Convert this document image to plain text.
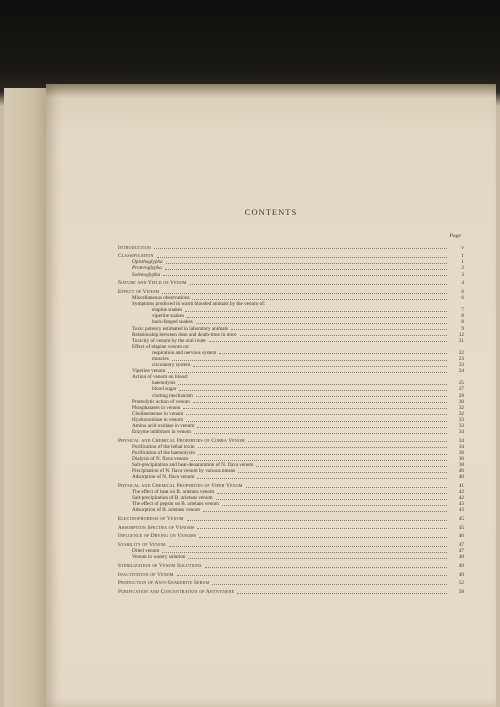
CONTENTS
Page
Introduction	v
Classification	1
Opisthoglypha	1
Proteroglypha	2
Solenoglypha	3
Nature and Yield of Venom	4
Effect of Venom	6
Miscellaneous observations	6
Symptoms produced in warm blooded animals by the venom of:
elapine snakes	7
viperine snakes	8
back-fanged snakes	8
Toxic potency estimated in laboratory animals	9
Relationship between dose and death-time in mice	12
Toxicity of venom by the oral route	21
Effect of elapine venom on:
respiration and nervous system	22
muscles	23
circulatory system	23
Viperine venom	24
Action of venom on blood:
haemolysis	25
blood sugar	27
clotting mechanism	28
Proteolytic action of venom	30
Phosphatases in venom	32
Cholinesterase in venom	32
Hyaluronidase in venom	33
Amino acid oxidase in venom	33
Enzyme inhibitors in venom	34
Physical and Chemical Properties of Cobra Venom	34
Purification of the lethal toxin	34
Purification of the haemolysin	36
Dialysis of N. flava venom	36
Salt-precipitation and heat-denaturation of N. flava venom	38
Precipitation of N. flava venom by various means	40
Adsorption of N. flava venom	40
Physical and Chemical Properties of Viper Venom	41
The effect of heat on B. arietans venom	42
Salt-precipitation of B. arietans venom	42
The effect of pepsin on B. arietans venom	43
Adsorption of B. arietans venom	43
Electrophoresis of Venom	45
Absorption Spectra of Venoms	45
Influence of Drying on Venoms	46
Stability of Venom	47
Dried venom	47
Venom in watery solution	48
Sterilization of Venom Solutions	49
Inactivation of Venom	49
Production of Anti-Snakebite Serum	52
Purification and Concentration of Antivenene	58
